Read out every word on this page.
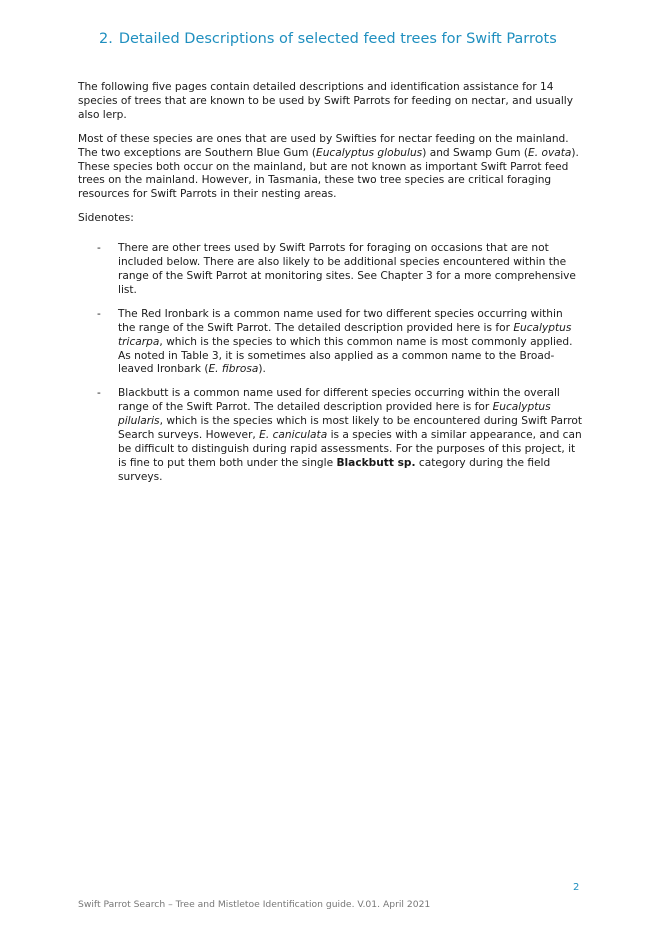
2. Detailed Descriptions of selected feed trees for Swift Parrots

The following five pages contain detailed descriptions and identification assistance for 14 species of trees that are known to be used by Swift Parrots for feeding on nectar, and usually also lerp.

Most of these species are ones that are used by Swifties for nectar feeding on the mainland. The two exceptions are Southern Blue Gum (Eucalyptus globulus) and Swamp Gum (E. ovata). These species both occur on the mainland, but are not known as important Swift Parrot feed trees on the mainland. However, in Tasmania, these two tree species are critical foraging resources for Swift Parrots in their nesting areas.

Sidenotes:

- There are other trees used by Swift Parrots for foraging on occasions that are not included below. There are also likely to be additional species encountered within the range of the Swift Parrot at monitoring sites. See Chapter 3 for a more comprehensive list.
- The Red Ironbark is a common name used for two different species occurring within the range of the Swift Parrot. The detailed description provided here is for Eucalyptus tricarpa, which is the species to which this common name is most commonly applied. As noted in Table 3, it is sometimes also applied as a common name to the Broad-leaved Ironbark (E. fibrosa).
- Blackbutt is a common name used for different species occurring within the overall range of the Swift Parrot. The detailed description provided here is for Eucalyptus pilularis, which is the species which is most likely to be encountered during Swift Parrot Search surveys. However, E. caniculata is a species with a similar appearance, and can be difficult to distinguish during rapid assessments. For the purposes of this project, it is fine to put them both under the single Blackbutt sp. category during the field surveys.
2
Swift Parrot Search – Tree and Mistletoe Identification guide. V.01. April 2021
